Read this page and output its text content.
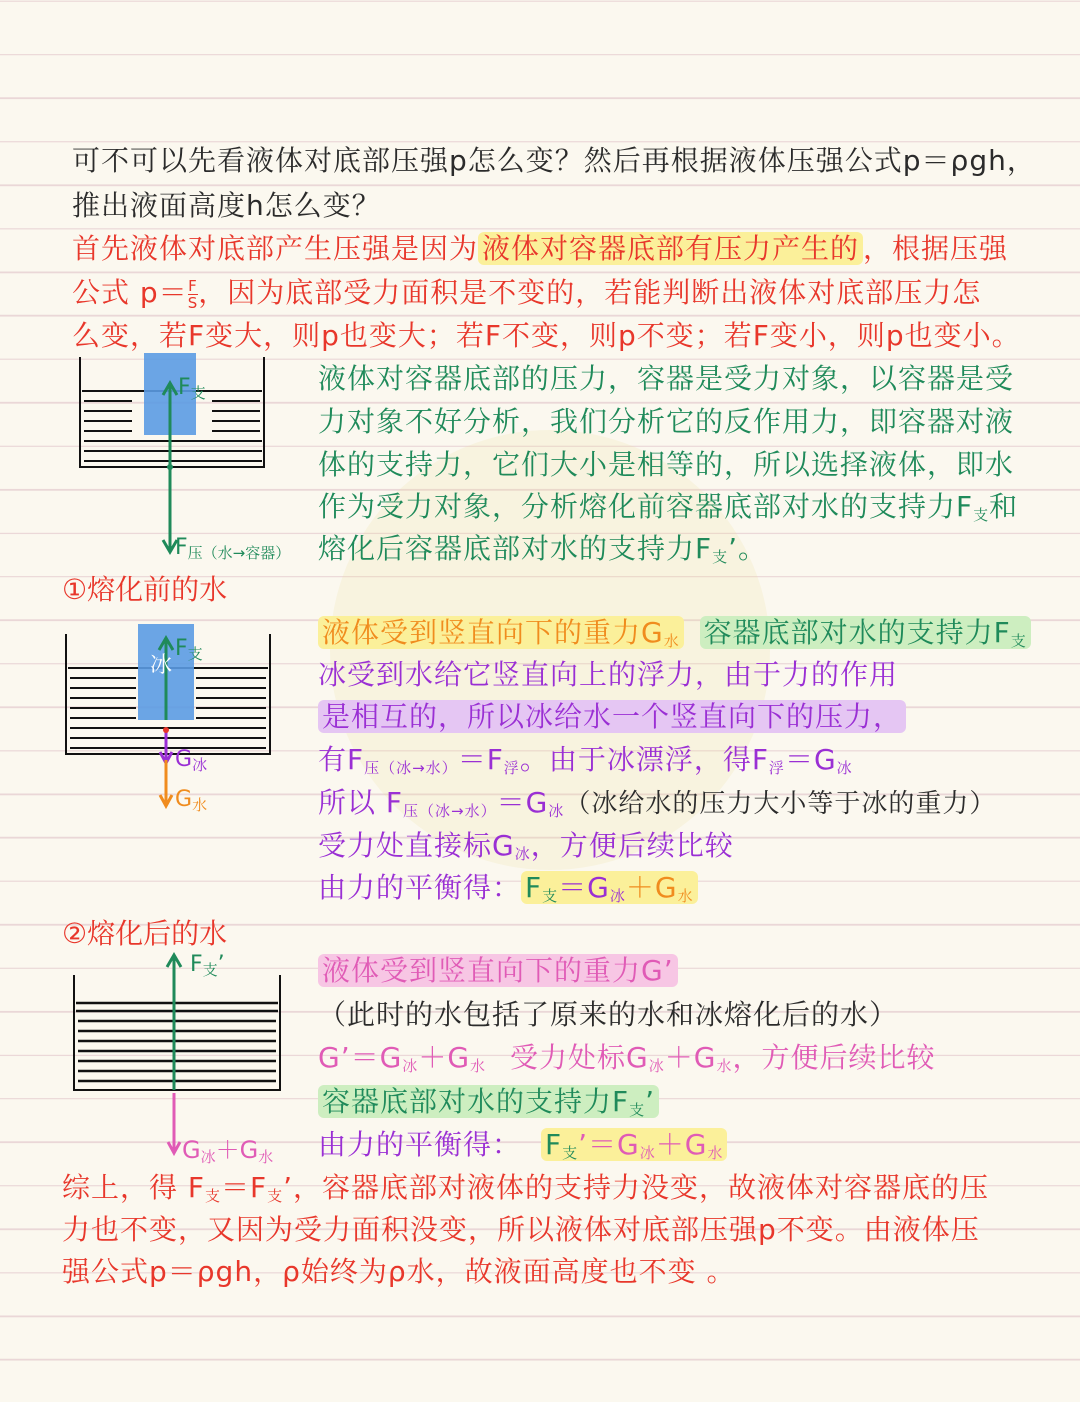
可不可以先看液体对底部压强p怎么变？然后再根据液体压强公式p＝ρgh，
推出液面高度h怎么变？
首先液体对底部产生压强是因为 液体对容器底部有压力产生的 ，根据压强
公式 $p= \frac{F}{S}$ ，因为底部受力面积是不变的，若能判断出液体对底部压力怎
么变，若F变大，则p也变大；若F不变，则p不变；若F变小，则p也变小。
$F_支$
$F_{压(水\to 容器)}$
液体对容器底部的压力，容器是受力对象，以容器是受
力对象不好分析，我们分析它的反作用力，即容器对液
体的支持力，它们大小是相等的，所以选择液体，即水
作为受力对象，分析熔化前容器底部对水的支持力$F_支$和
熔化后容器底部对水的支持力$F_支$’。
①熔化前的水
冰
$F_支$
$G_冰$
$G_水$
液体受到竖直向下的重力$G_水$ 容器底部对水的支持力$F_支$
冰受到水给它竖直向上的浮力，由于力的作用
是相互的，所以冰给水一个竖直向下的压力，
有$F_{压(冰\to 水)}=F_浮$。由于冰漂浮，得$F_浮=G_冰$
所以 $F_{压(冰\to 水)}=G_冰$（冰给水的压力大小等于冰的重力）
受力处直接标$G_冰$，方便后续比较
由力的平衡得： $F_支=G_冰+G_水$
②熔化后的水
$F_支$’
$G_冰+G_水$
液体受到竖直向下的重力G’
（此时的水包括了原来的水和冰熔化后的水）
$G’=G_冰+G_水$ 受力处标$G_冰+G_水$，方便后续比较
容器底部对水的支持力$F_支$’
由力的平衡得： $F_支’=G_冰+G_水$
综上，得 $F_支=F_支$’，容器底部对液体的支持力没变，故液体对容器底的压
力也不变，又因为受力面积没变，所以液体对底部压强p不变。由液体压
强公式p＝ρgh，ρ始终为ρ水，故液面高度也不变 。
